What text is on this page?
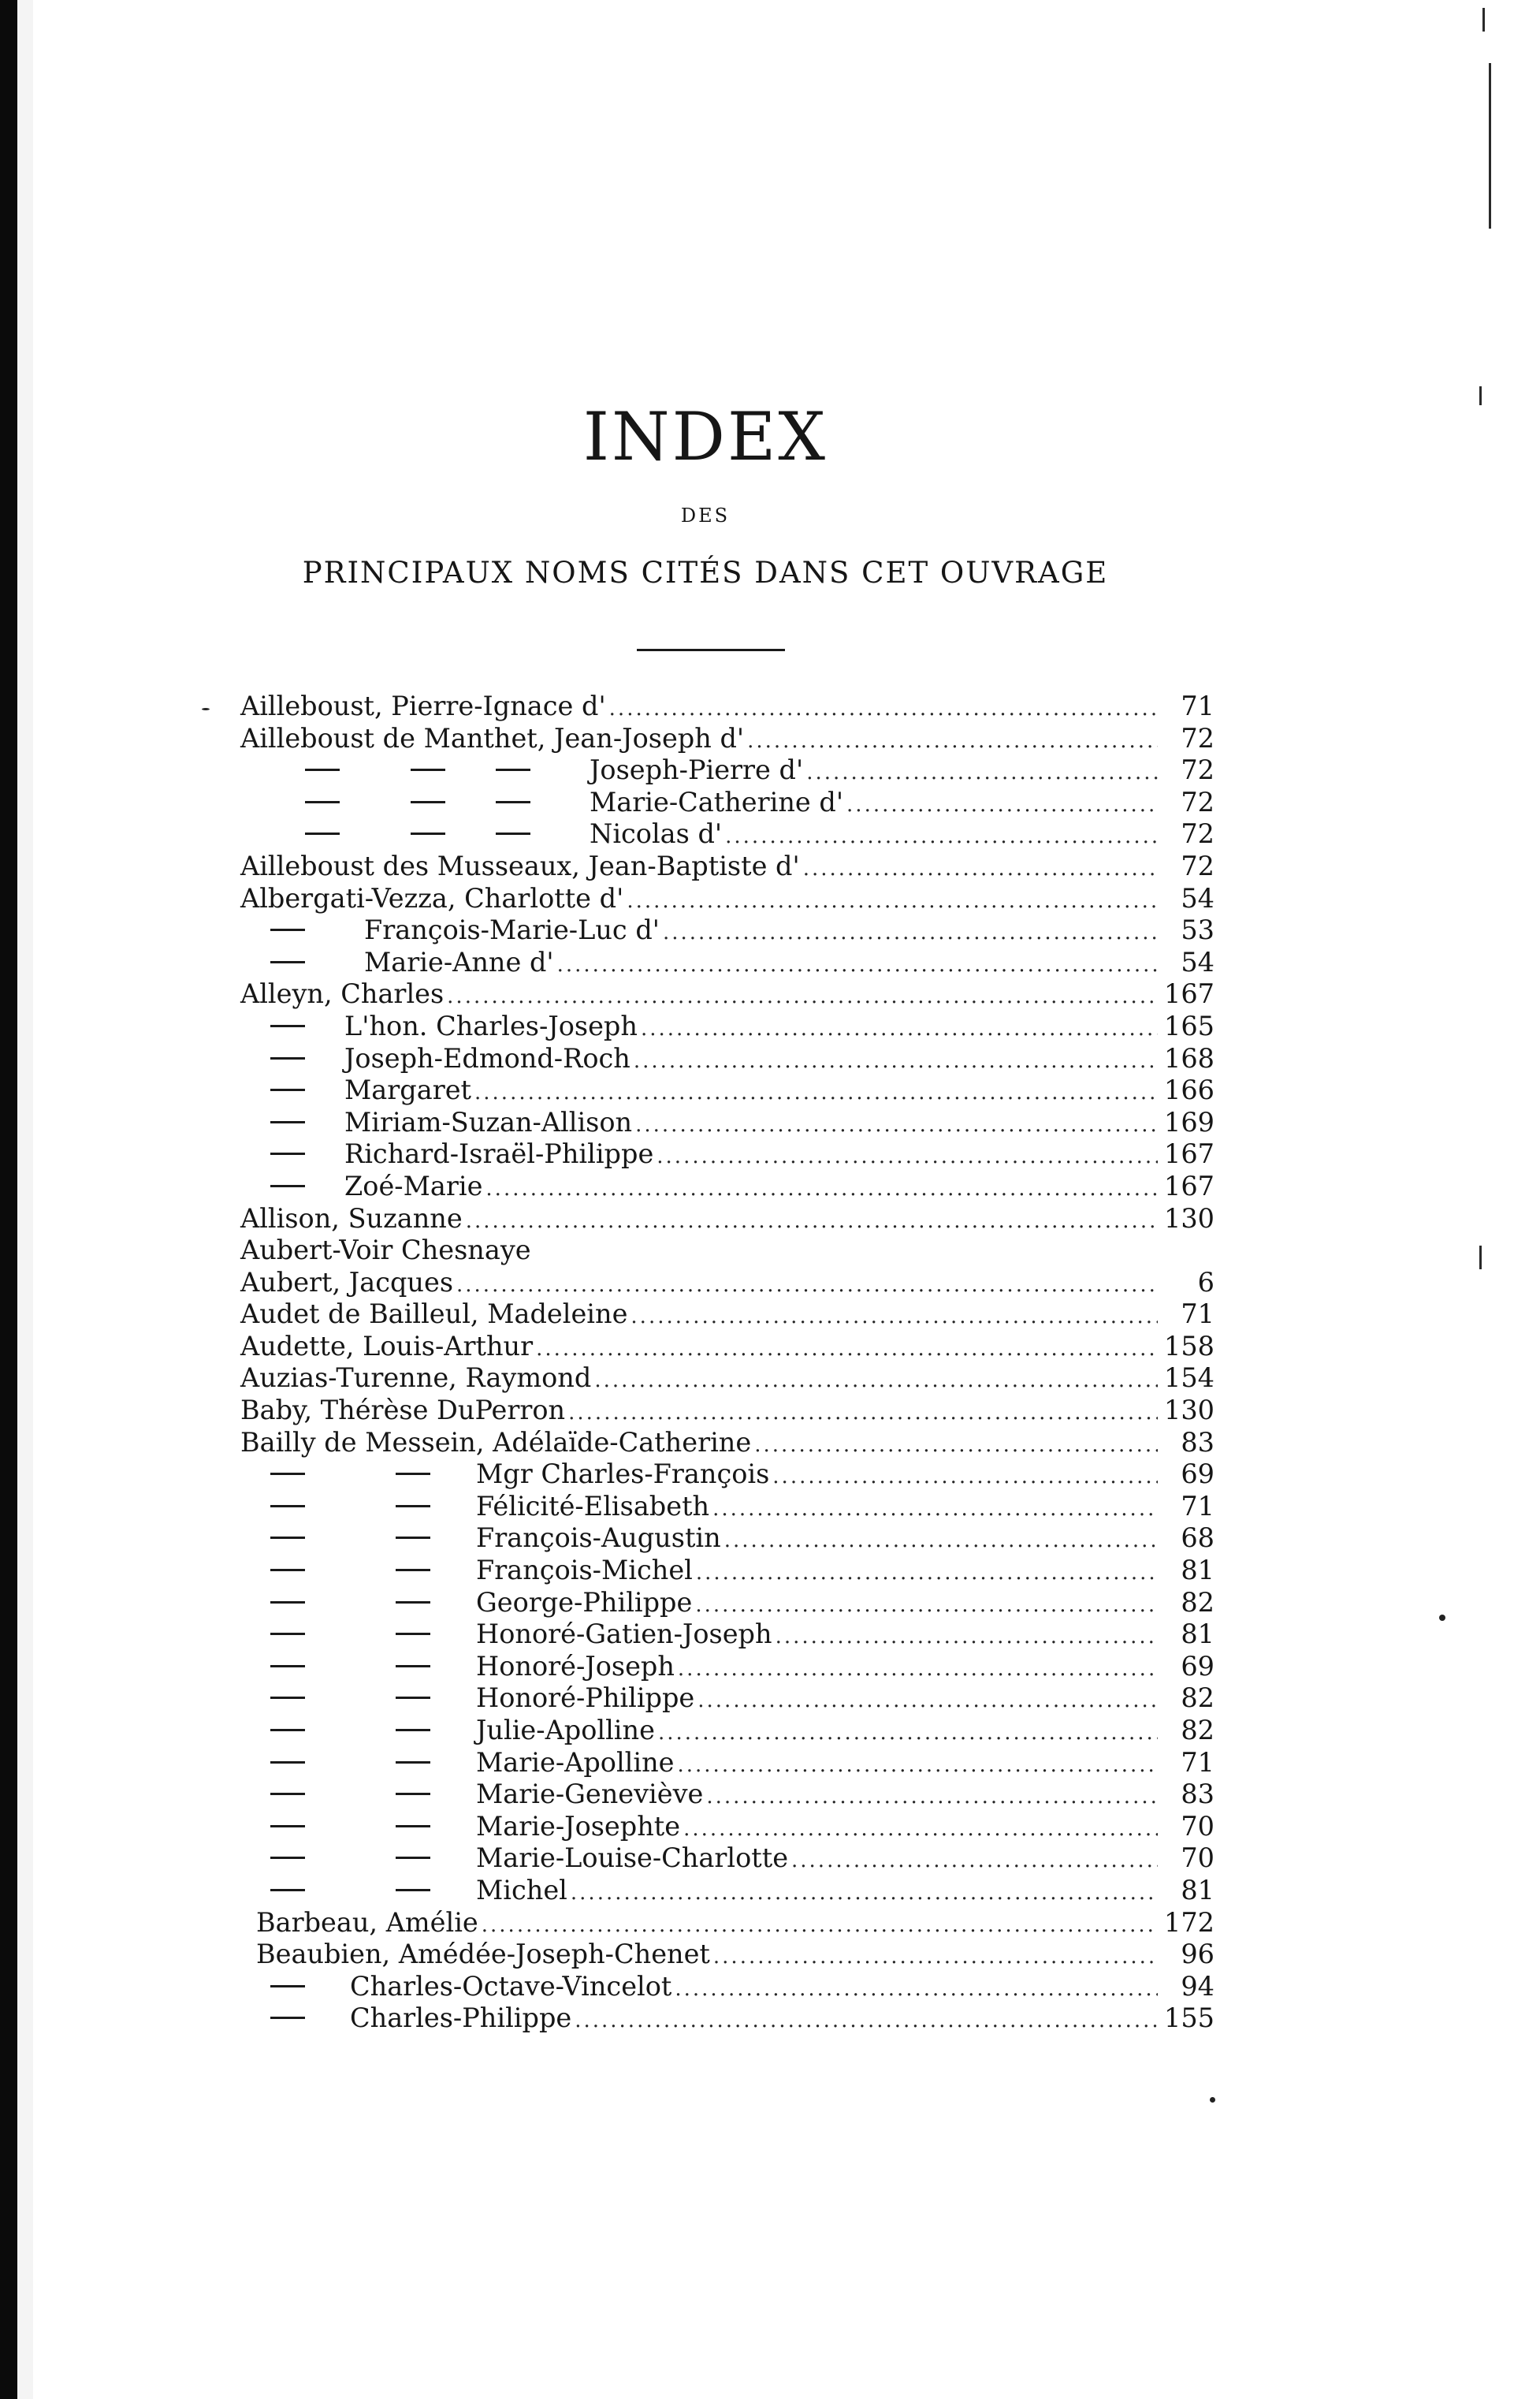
INDEX
DES
PRINCIPAUX NOMS CITÉS DANS CET OUVRAGE
Ailleboust, Pierre-Ignace d' .....	71
Ailleboust de Manthet, Jean-Joseph d' .....	72
Joseph-Pierre d' .....	72
Marie-Catherine d' .....	72
Nicolas d' .....	72
Ailleboust des Musseaux, Jean-Baptiste d' .....	72
Albergati-Vezza, Charlotte d' .....	54
François-Marie-Luc d' .....	53
Marie-Anne d' .....	54
Alleyn, Charles .....	167
L'hon. Charles-Joseph .....	165
Joseph-Edmond-Roch .....	168
Margaret .....	166
Miriam-Suzan-Allison .....	169
Richard-Israël-Philippe .....	167
Zoé-Marie .....	167
Allison, Suzanne .....	130
Aubert-Voir Chesnaye
Aubert, Jacques .....	6
Audet de Bailleul, Madeleine .....	71
Audette, Louis-Arthur .....	158
Auzias-Turenne, Raymond .....	154
Baby, Thérèse DuPerron .....	130
Bailly de Messein, Adélaïde-Catherine .....	83
Mgr Charles-François .....	69
Félicité-Elisabeth .....	71
François-Augustin .....	68
François-Michel .....	81
George-Philippe .....	82
Honoré-Gatien-Joseph .....	81
Honoré-Joseph .....	69
Honoré-Philippe .....	82
Julie-Apolline .....	82
Marie-Apolline .....	71
Marie-Geneviève .....	83
Marie-Josephte .....	70
Marie-Louise-Charlotte .....	70
Michel .....	81
Barbeau, Amélie .....	172
Beaubien, Amédée-Joseph-Chenet .....	96
Charles-Octave-Vincelot .....	94
Charles-Philippe .....	155
